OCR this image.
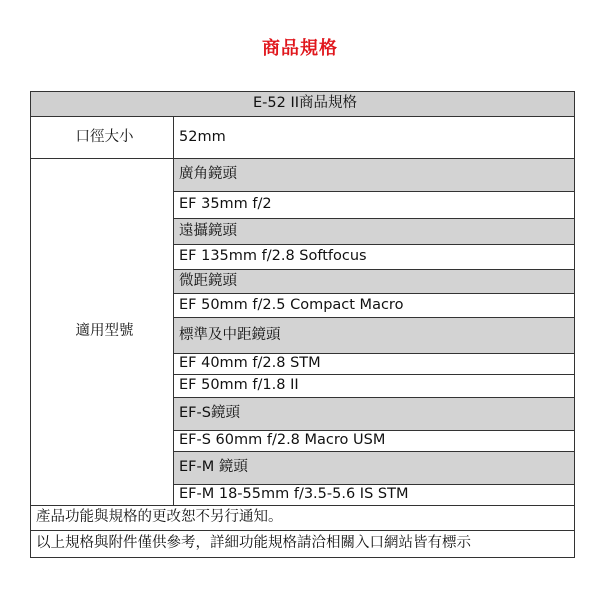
商品規格
E-52 II商品規格	
口徑大小	52mm
適用型號	廣角鏡頭
	EF 35mm f/2
	遠攝鏡頭
	EF 135mm f/2.8 Softfocus
	微距鏡頭
	EF 50mm f/2.5 Compact Macro
	標準及中距鏡頭
	EF 40mm f/2.8 STM
	EF 50mm f/1.8 II
	EF-S鏡頭
	EF-S 60mm f/2.8 Macro USM
	EF-M 鏡頭
	EF-M 18-55mm f/3.5-5.6 IS STM
產品功能與規格的更改恕不另行通知。	
以上規格與附件僅供參考，詳細功能規格請洽相關入口網站皆有標示	
